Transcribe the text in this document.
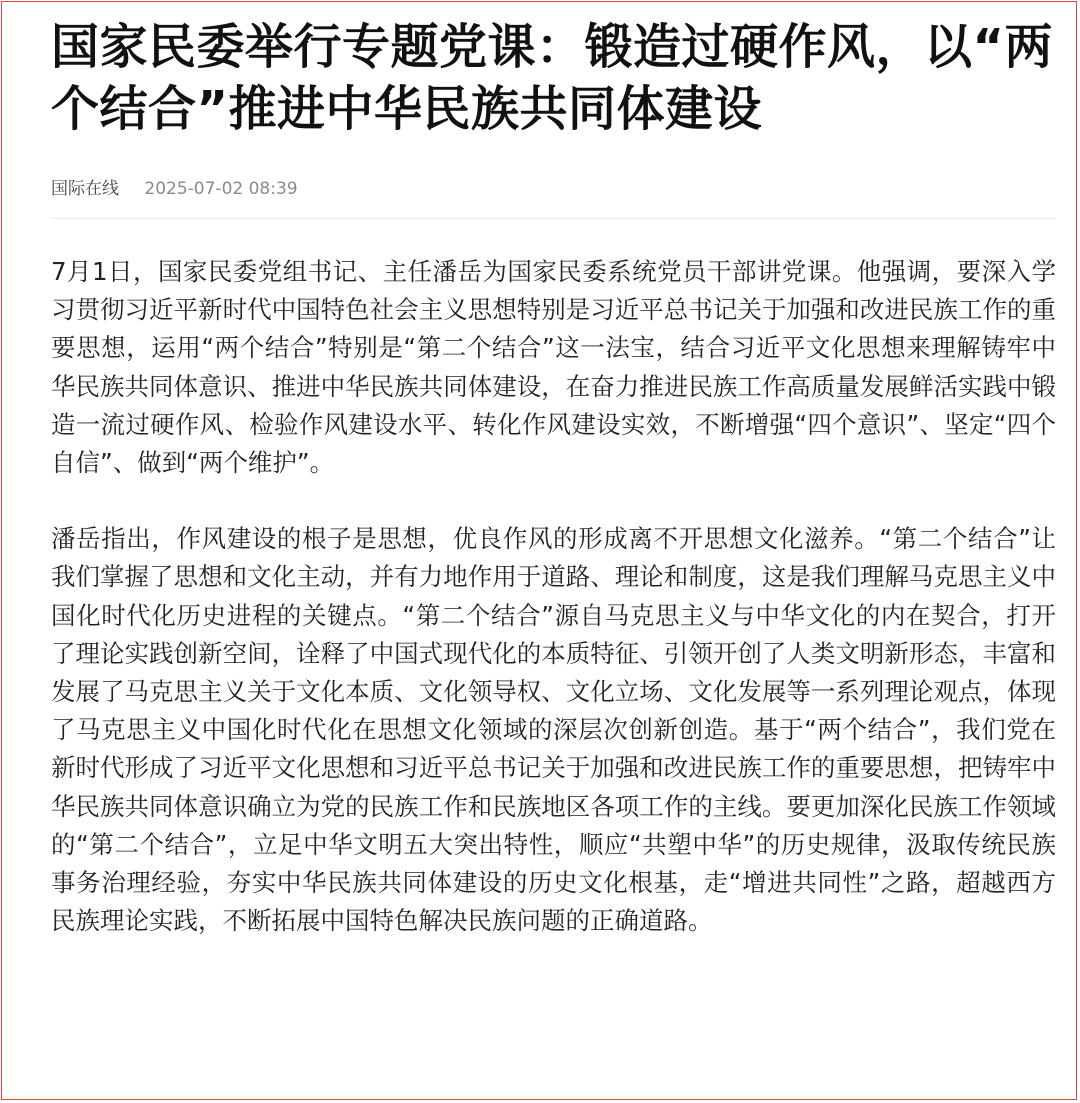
国家民委举行专题党课：锻造过硬作风，以“两个结合”推进中华民族共同体建设
国际在线 2025-07-02 08:39

7月1日，国家民委党组书记、主任潘岳为国家民委系统党员干部讲党课。他强调，要深入学习贯彻习近平新时代中国特色社会主义思想特别是习近平总书记关于加强和改进民族工作的重要思想，运用“两个结合”特别是“第二个结合”这一法宝，结合习近平文化思想来理解铸牢中华民族共同体意识、推进中华民族共同体建设，在奋力推进民族工作高质量发展鲜活实践中锻造一流过硬作风、检验作风建设水平、转化作风建设实效，不断增强“四个意识”、坚定“四个自信”、做到“两个维护”。

潘岳指出，作风建设的根子是思想，优良作风的形成离不开思想文化滋养。“第二个结合”让我们掌握了思想和文化主动，并有力地作用于道路、理论和制度，这是我们理解马克思主义中国化时代化历史进程的关键点。“第二个结合”源自马克思主义与中华文化的内在契合，打开了理论实践创新空间，诠释了中国式现代化的本质特征、引领开创了人类文明新形态，丰富和发展了马克思主义关于文化本质、文化领导权、文化立场、文化发展等一系列理论观点，体现了马克思主义中国化时代化在思想文化领域的深层次创新创造。基于“两个结合”，我们党在新时代形成了习近平文化思想和习近平总书记关于加强和改进民族工作的重要思想，把铸牢中华民族共同体意识确立为党的民族工作和民族地区各项工作的主线。要更加深化民族工作领域的“第二个结合”，立足中华文明五大突出特性，顺应“共塑中华”的历史规律，汲取传统民族事务治理经验，夯实中华民族共同体建设的历史文化根基，走“增进共同性”之路，超越西方民族理论实践，不断拓展中国特色解决民族问题的正确道路。
